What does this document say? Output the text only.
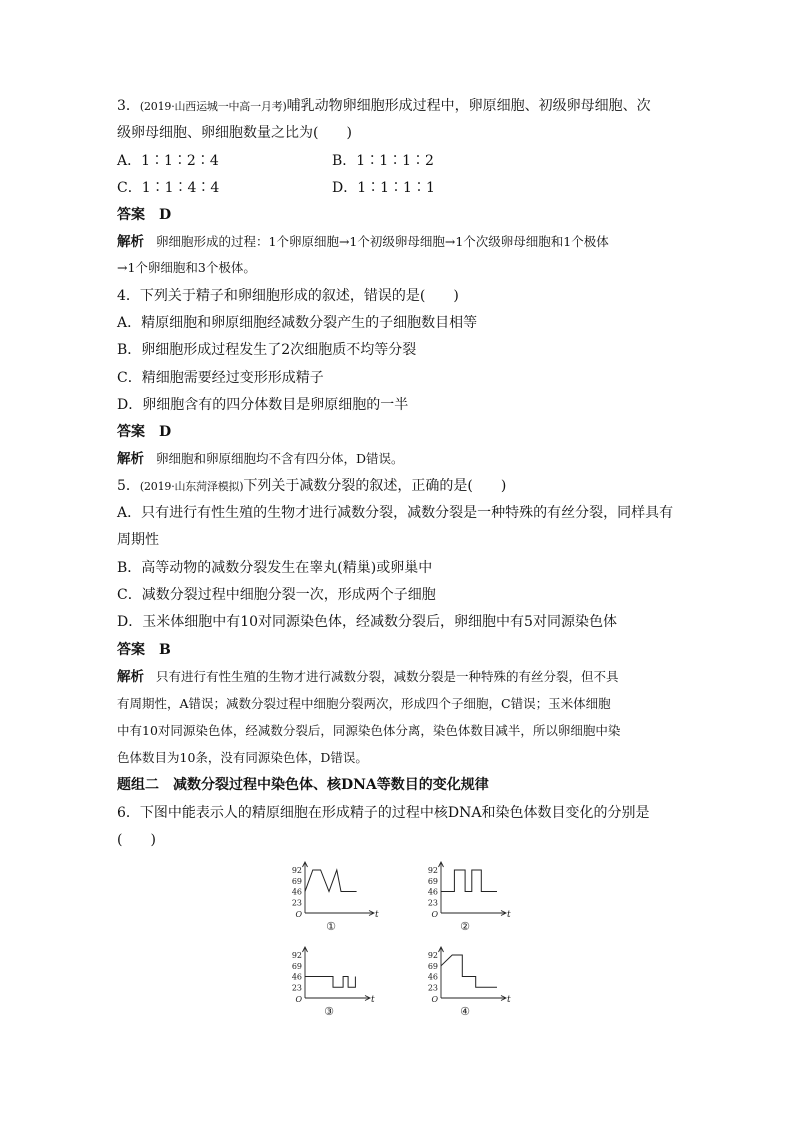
3．(2019·山西运城一中高一月考)哺乳动物卵细胞形成过程中，卵原细胞、初级卵母细胞、次

级卵母细胞、卵细胞数量之比为(　　)

A．1∶1∶2∶4	B．1∶1∶1∶2
C．1∶1∶4∶4	D．1∶1∶1∶1

答案 D

解析 卵细胞形成的过程：1个卵原细胞→1个初级卵母细胞→1个次级卵母细胞和1个极体

→1个卵细胞和3个极体。

4．下列关于精子和卵细胞形成的叙述，错误的是(　　)

A．精原细胞和卵原细胞经减数分裂产生的子细胞数目相等

B．卵细胞形成过程发生了2次细胞质不均等分裂

C．精细胞需要经过变形形成精子

D．卵细胞含有的四分体数目是卵原细胞的一半

答案 D

解析 卵细胞和卵原细胞均不含有四分体，D错误。

5．(2019·山东菏泽模拟)下列关于减数分裂的叙述，正确的是(　　)

A．只有进行有性生殖的生物才进行减数分裂，减数分裂是一种特殊的有丝分裂，同样具有

周期性

B．高等动物的减数分裂发生在睾丸(精巢)或卵巢中

C．减数分裂过程中细胞分裂一次，形成两个子细胞

D．玉米体细胞中有10对同源染色体，经减数分裂后，卵细胞中有5对同源染色体

答案 B

解析 只有进行有性生殖的生物才进行减数分裂，减数分裂是一种特殊的有丝分裂，但不具

有周期性，A错误；减数分裂过程中细胞分裂两次，形成四个子细胞，C错误；玉米体细胞

中有10对同源染色体，经减数分裂后，同源染色体分离，染色体数目减半，所以卵细胞中染

色体数目为10条，没有同源染色体，D错误。

题组二　减数分裂过程中染色体、核DNA等数目的变化规律

6．下图中能表示人的精原细胞在形成精子的过程中核DNA和染色体数目变化的分别是

(　　)

92
69
46
23
O	t
①
92
69
46
23
O	t
②
92
69
46
23
O	t
③
92
69
46
23
O	t
④
